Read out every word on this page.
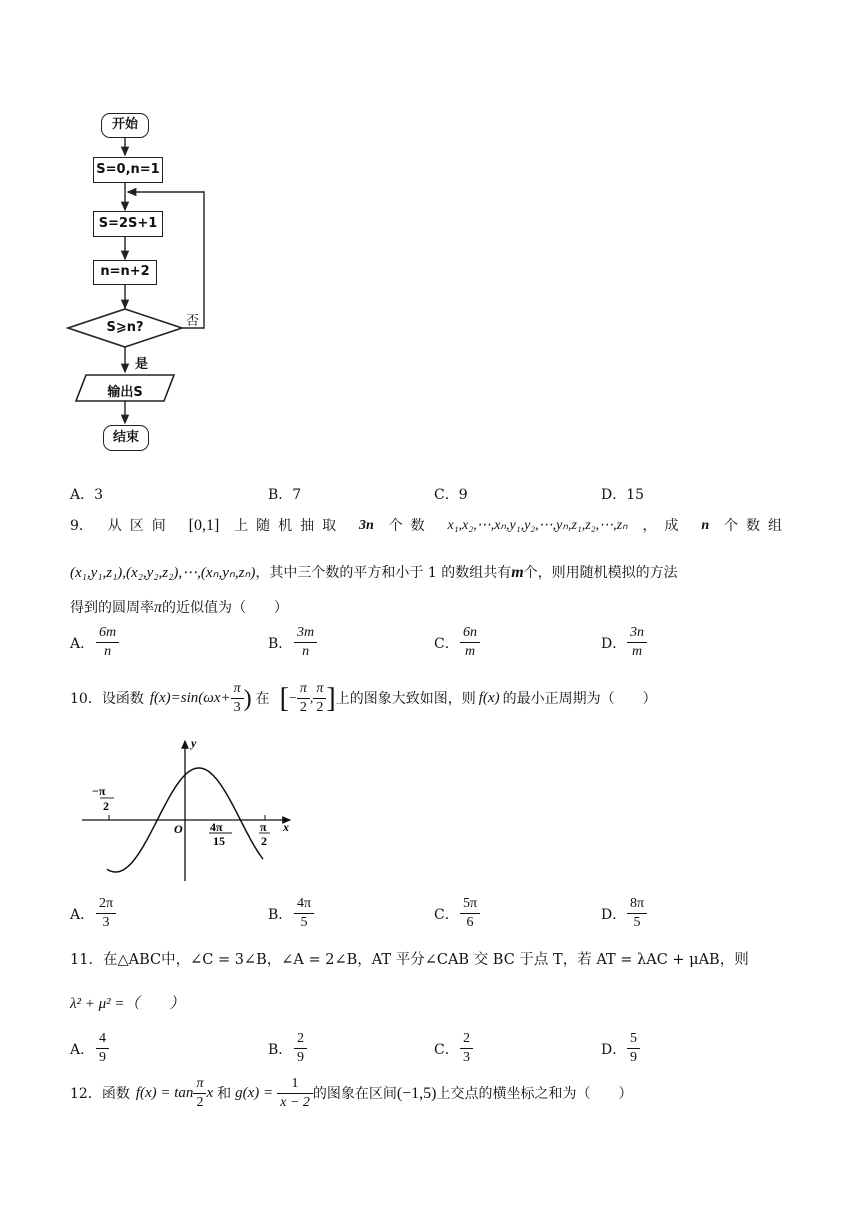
开始
S=0,n=1
S=2S+1
n=n+2
S⩾n?	否
是
输出S
结束
A．3	B．7	C．9	D．15
9． 从区间 [0,1] 上随机抽取 3n 个数 x₁,x₂,⋯,xₙ,y₁,y₂,⋯,yₙ,z₁,z₂,⋯,zₙ ，成 n 个数组
(x₁,y₁,z₁),(x₂,y₂,z₂),⋯,(xₙ,yₙ,zₙ)，其中三个数的平方和小于 1 的数组共有m个，则用随机模拟的方法
得到的圆周率π的近似值为（　　）
A． $\frac{6m}{n}$	B． $\frac{3m}{n}$	C． $\frac{6n}{m}$	D． $\frac{3n}{m}$
10． 设函数 $f(x)=\sin(\omega x+ \frac{\pi}{3}$ ) 在 [ − $\frac{\pi}{2}$ , $\frac{\pi}{2}$ ] 上的图象大致如图，则 f(x) 的最小正周期为（　　）
y
x
O
−π
2
4π
15
π
2
A． $\frac{2\pi}{3}$	B． $\frac{4\pi}{5}$	C． $\frac{5\pi}{6}$	D． $\frac{8\pi}{5}$
11．在△ABC中，∠C = 3∠B，∠A = 2∠B，AT 平分∠CAB 交 BC 于点 T，若 AT = λAC + μAB，则
λ² + μ² =（　　）
A． $\frac{4}{9}$	B． $\frac{2}{9}$	C． $\frac{2}{3}$	D． $\frac{5}{9}$
12． 函数 $f(x) = \tan \frac{\pi}{2}$ x 和 $g(x) = \frac{1}{x - 2}$ 的图象在区间 (−1,5) 上交点的横坐标之和为（　　）
